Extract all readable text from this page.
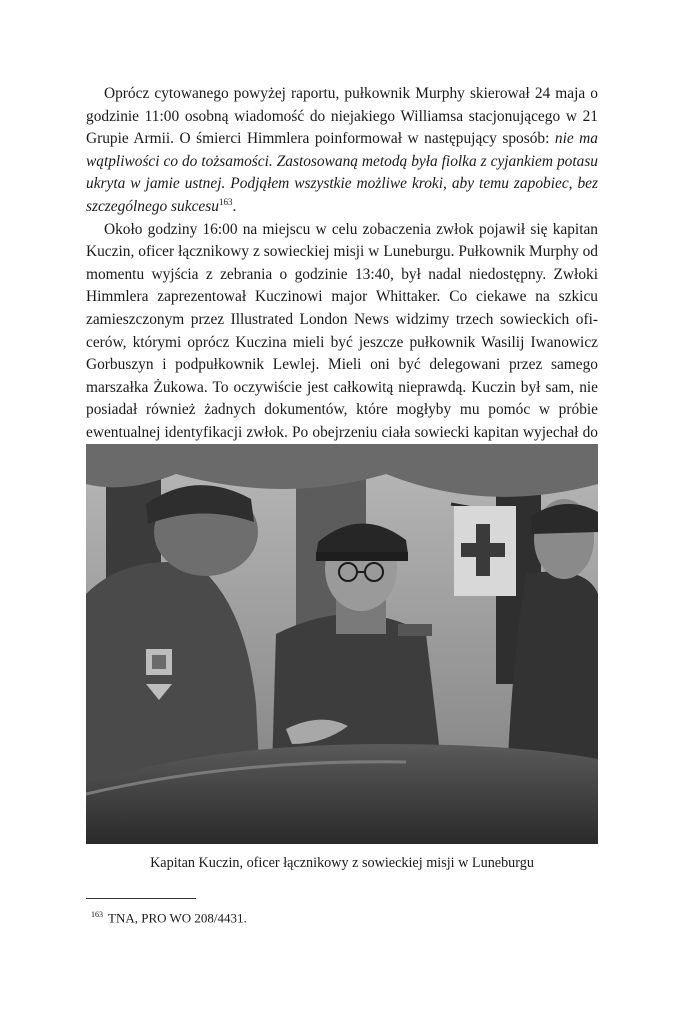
Oprócz cytowanego powyżej raportu, pułkownik Murphy skierował 24 maja o godzinie 11:00 osobną wiadomość do niejakiego Williamsa stacjonującego w 21 Grupie Armii. O śmierci Himmlera poinformował w następujący sposób: nie ma wątpliwości co do tożsamości. Zastosowaną metodą była fiolka z cyjankiem potasu ukryta w jamie ustnej. Podjąłem wszystkie możliwe kroki, aby temu zapobiec, bez szczególnego sukcesu$^{163}$.

Około godziny 16:00 na miejscu w celu zobaczenia zwłok pojawił się kapitan Kuczin, oficer łącznikowy z sowieckiej misji w Luneburgu. Pułkownik Murphy od momentu wyjścia z zebrania o godzinie 13:40, był nadal niedostępny. Zwłoki Himmlera zaprezentował Kuczinowi major Whittaker. Co ciekawe na szkicu zamieszczonym przez Illustrated London News widzimy trzech sowieckich oficerów, którymi oprócz Kuczina mieli być jeszcze pułkownik Wasilij Iwanowicz Gorbuszyn i podpułkownik Lewlej. Mieli oni być delegowani przez samego marszałka Żukowa. To oczywiście jest całkowitą nieprawdą. Kuczin był sam, nie posiadał również żadnych dokumentów, które mogłyby mu pomóc w próbie ewentualnej identyfikacji zwłok. Po obejrzeniu ciała sowiecki kapitan wyjechał do

Kapitan Kuczin, oficer łącznikowy z sowieckiej misji w Luneburgu
$^{163}$ TNA, PRO WO 208/4431.
